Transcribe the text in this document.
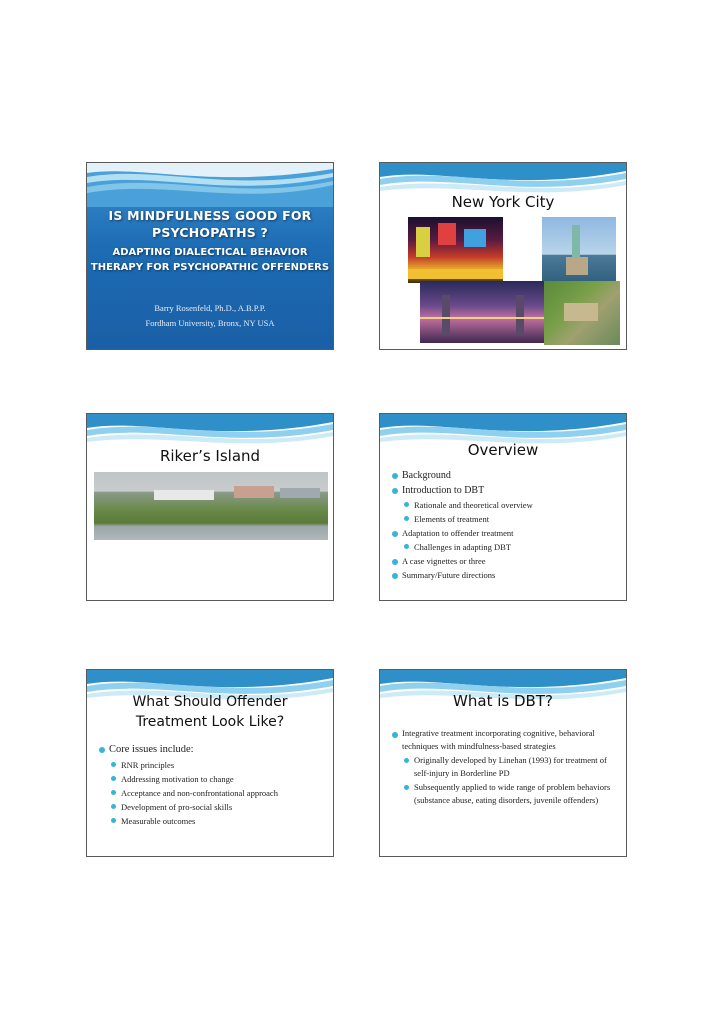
IS MINDFULNESS GOOD FOR
PSYCHOPATHS ?
ADAPTING DIALECTICAL BEHAVIOR
THERAPY FOR PSYCHOPATHIC OFFENDERS
Barry Rosenfeld, Ph.D., A.B.P.P.
Fordham University, Bronx, NY USA
New York City
Riker’s Island	Overview
Background
Introduction to DBT
Rationale and theoretical overview
Elements of treatment
Adaptation to offender treatment
Challenges in adapting DBT
A case vignettes or three
Summary/Future directions
What Should Offender
Treatment Look Like?
Core issues include:
RNR principles
Addressing motivation to change
Acceptance and non-confrontational approach
Development of pro-social skills
Measurable outcomes
What is DBT?
Integrative treatment incorporating cognitive, behavioral techniques with mindfulness-based strategies
Originally developed by Linehan (1993) for treatment of self-injury in Borderline PD
Subsequently applied to wide range of problem behaviors (substance abuse, eating disorders, juvenile offenders)
